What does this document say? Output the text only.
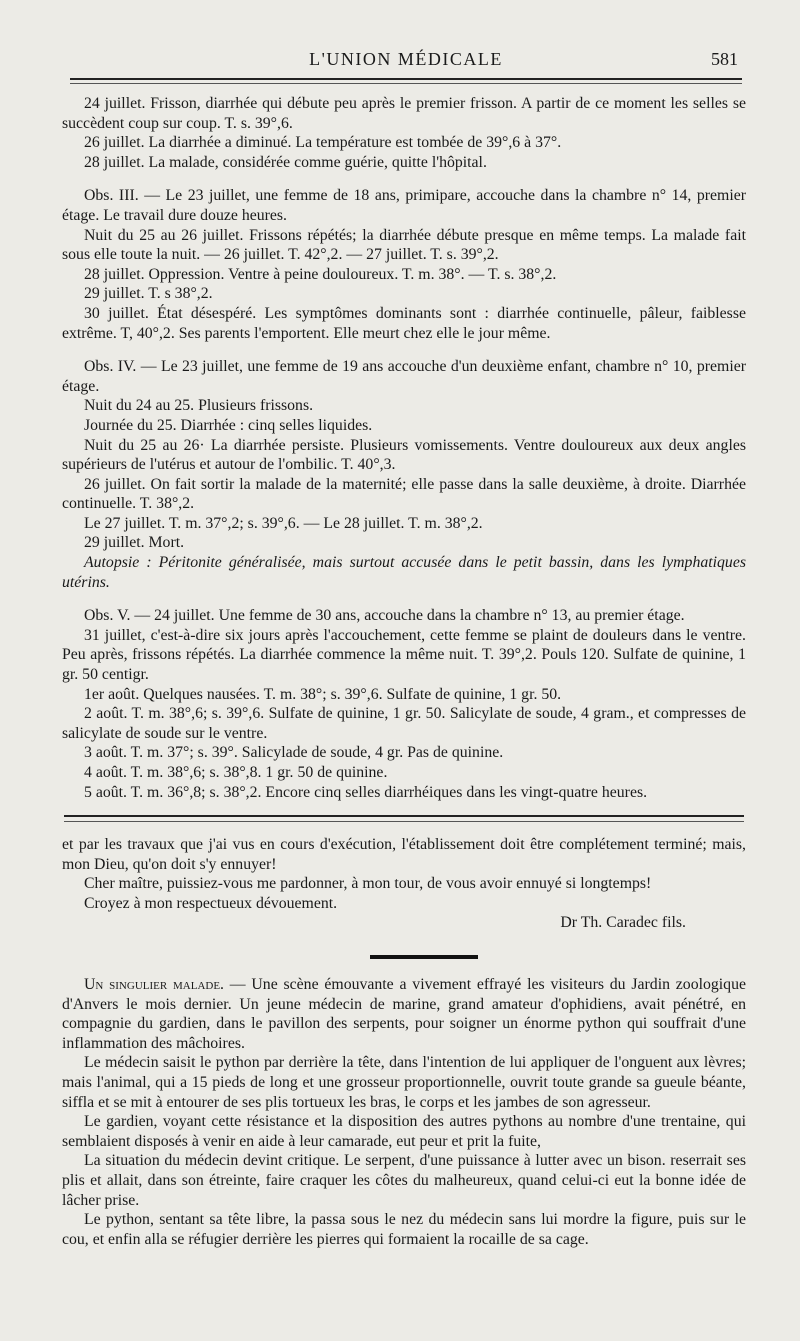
L'UNION MÉDICALE	581

24 juillet. Frisson, diarrhée qui débute peu après le premier frisson. A partir de ce moment les selles se succèdent coup sur coup. T. s. 39°,6.

26 juillet. La diarrhée a diminué. La température est tombée de 39°,6 à 37°.

28 juillet. La malade, considérée comme guérie, quitte l'hôpital.

Obs. III. — Le 23 juillet, une femme de 18 ans, primipare, accouche dans la chambre n° 14, premier étage. Le travail dure douze heures.

Nuit du 25 au 26 juillet. Frissons répétés; la diarrhée débute presque en même temps. La malade fait sous elle toute la nuit. — 26 juillet. T. 42°,2. — 27 juillet. T. s. 39°,2.

28 juillet. Oppression. Ventre à peine douloureux. T. m. 38°. — T. s. 38°,2.

29 juillet. T. s 38°,2.

30 juillet. État désespéré. Les symptômes dominants sont : diarrhée continuelle, pâleur, faiblesse extrême. T, 40°,2. Ses parents l'emportent. Elle meurt chez elle le jour même.

Obs. IV. — Le 23 juillet, une femme de 19 ans accouche d'un deuxième enfant, chambre n° 10, premier étage.

Nuit du 24 au 25. Plusieurs frissons.

Journée du 25. Diarrhée : cinq selles liquides.

Nuit du 25 au 26· La diarrhée persiste. Plusieurs vomissements. Ventre douloureux aux deux angles supérieurs de l'utérus et autour de l'ombilic. T. 40°,3.

26 juillet. On fait sortir la malade de la maternité; elle passe dans la salle deuxième, à droite. Diarrhée continuelle. T. 38°,2.

Le 27 juillet. T. m. 37°,2; s. 39°,6. — Le 28 juillet. T. m. 38°,2.

29 juillet. Mort.

Autopsie : Péritonite généralisée, mais surtout accusée dans le petit bassin, dans les lymphatiques utérins.

Obs. V. — 24 juillet. Une femme de 30 ans, accouche dans la chambre n° 13, au premier étage.

31 juillet, c'est-à-dire six jours après l'accouchement, cette femme se plaint de douleurs dans le ventre. Peu après, frissons répétés. La diarrhée commence la même nuit. T. 39°,2. Pouls 120. Sulfate de quinine, 1 gr. 50 centigr.

1er août. Quelques nausées. T. m. 38°; s. 39°,6. Sulfate de quinine, 1 gr. 50.

2 août. T. m. 38°,6; s. 39°,6. Sulfate de quinine, 1 gr. 50. Salicylate de soude, 4 gram., et compresses de salicylate de soude sur le ventre.

3 août. T. m. 37°; s. 39°. Salicylade de soude, 4 gr. Pas de quinine.

4 août. T. m. 38°,6; s. 38°,8. 1 gr. 50 de quinine.

5 août. T. m. 36°,8; s. 38°,2. Encore cinq selles diarrhéiques dans les vingt-quatre heures.

et par les travaux que j'ai vus en cours d'exécution, l'établissement doit être complétement terminé; mais, mon Dieu, qu'on doit s'y ennuyer!

Cher maître, puissiez-vous me pardonner, à mon tour, de vous avoir ennuyé si longtemps!

Croyez à mon respectueux dévouement.

Dr Th. Caradec fils.

Un singulier malade. — Une scène émouvante a vivement effrayé les visiteurs du Jardin zoologique d'Anvers le mois dernier. Un jeune médecin de marine, grand amateur d'ophidiens, avait pénétré, en compagnie du gardien, dans le pavillon des serpents, pour soigner un énorme python qui souffrait d'une inflammation des mâchoires.

Le médecin saisit le python par derrière la tête, dans l'intention de lui appliquer de l'onguent aux lèvres; mais l'animal, qui a 15 pieds de long et une grosseur proportionnelle, ouvrit toute grande sa gueule béante, siffla et se mit à entourer de ses plis tortueux les bras, le corps et les jambes de son agresseur.

Le gardien, voyant cette résistance et la disposition des autres pythons au nombre d'une trentaine, qui semblaient disposés à venir en aide à leur camarade, eut peur et prit la fuite,

La situation du médecin devint critique. Le serpent, d'une puissance à lutter avec un bison. reserrait ses plis et allait, dans son étreinte, faire craquer les côtes du malheureux, quand celui-ci eut la bonne idée de lâcher prise.

Le python, sentant sa tête libre, la passa sous le nez du médecin sans lui mordre la figure, puis sur le cou, et enfin alla se réfugier derrière les pierres qui formaient la rocaille de sa cage.
